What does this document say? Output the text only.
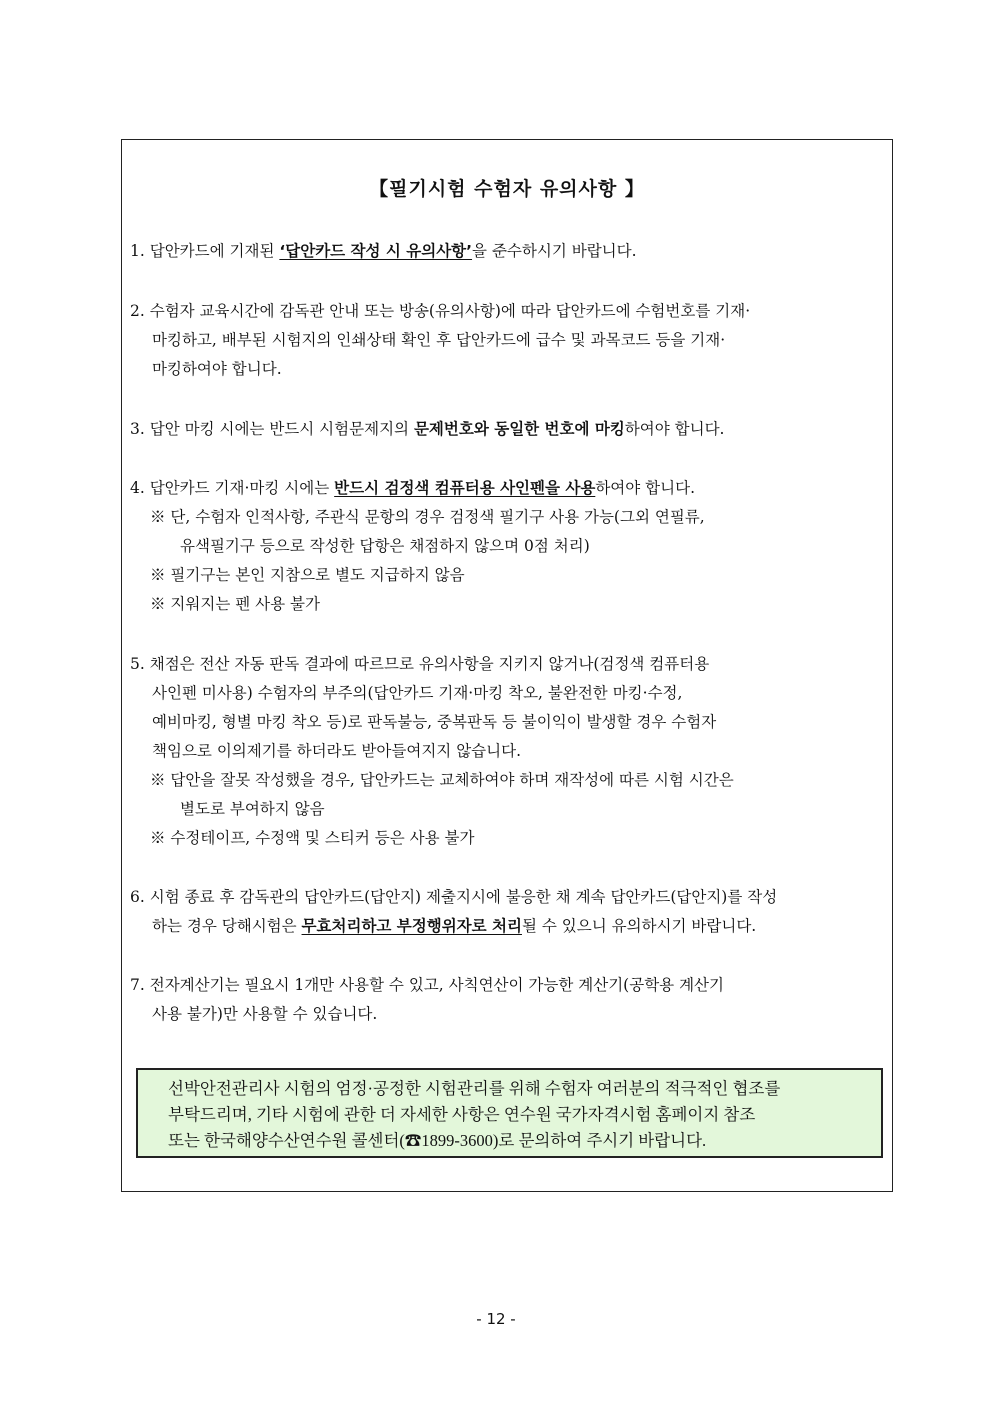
【필기시험 수험자 유의사항 】
1. 답안카드에 기재된 ‘답안카드 작성 시 유의사항’을 준수하시기 바랍니다.
2. 수험자 교육시간에 감독관 안내 또는 방송(유의사항)에 따라 답안카드에 수험번호를 기재·
마킹하고, 배부된 시험지의 인쇄상태 확인 후 답안카드에 급수 및 과목코드 등을 기재·
마킹하여야 합니다.
3. 답안 마킹 시에는 반드시 시험문제지의 문제번호와 동일한 번호에 마킹하여야 합니다.
4. 답안카드 기재·마킹 시에는 반드시 검정색 컴퓨터용 사인펜을 사용하여야 합니다.
※ 단, 수험자 인적사항, 주관식 문항의 경우 검정색 필기구 사용 가능(그외 연필류,
유색필기구 등으로 작성한 답항은 채점하지 않으며 0점 처리)
※ 필기구는 본인 지참으로 별도 지급하지 않음
※ 지워지는 펜 사용 불가
5. 채점은 전산 자동 판독 결과에 따르므로 유의사항을 지키지 않거나(검정색 컴퓨터용
사인펜 미사용) 수험자의 부주의(답안카드 기재·마킹 착오, 불완전한 마킹·수정,
예비마킹, 형별 마킹 착오 등)로 판독불능, 중복판독 등 불이익이 발생할 경우 수험자
책임으로 이의제기를 하더라도 받아들여지지 않습니다.
※ 답안을 잘못 작성했을 경우, 답안카드는 교체하여야 하며 재작성에 따른 시험 시간은
별도로 부여하지 않음
※ 수정테이프, 수정액 및 스티커 등은 사용 불가
6. 시험 종료 후 감독관의 답안카드(답안지) 제출지시에 불응한 채 계속 답안카드(답안지)를 작성
하는 경우 당해시험은 무효처리하고 부정행위자로 처리될 수 있으니 유의하시기 바랍니다.
7. 전자계산기는 필요시 1개만 사용할 수 있고, 사칙연산이 가능한 계산기(공학용 계산기
사용 불가)만 사용할 수 있습니다.
선박안전관리사 시험의 엄정·공정한 시험관리를 위해 수험자 여러분의 적극적인 협조를
부탁드리며, 기타 시험에 관한 더 자세한 사항은 연수원 국가자격시험 홈페이지 참조
또는 한국해양수산연수원 콜센터(☎1899-3600)로 문의하여 주시기 바랍니다.
- 12 -
